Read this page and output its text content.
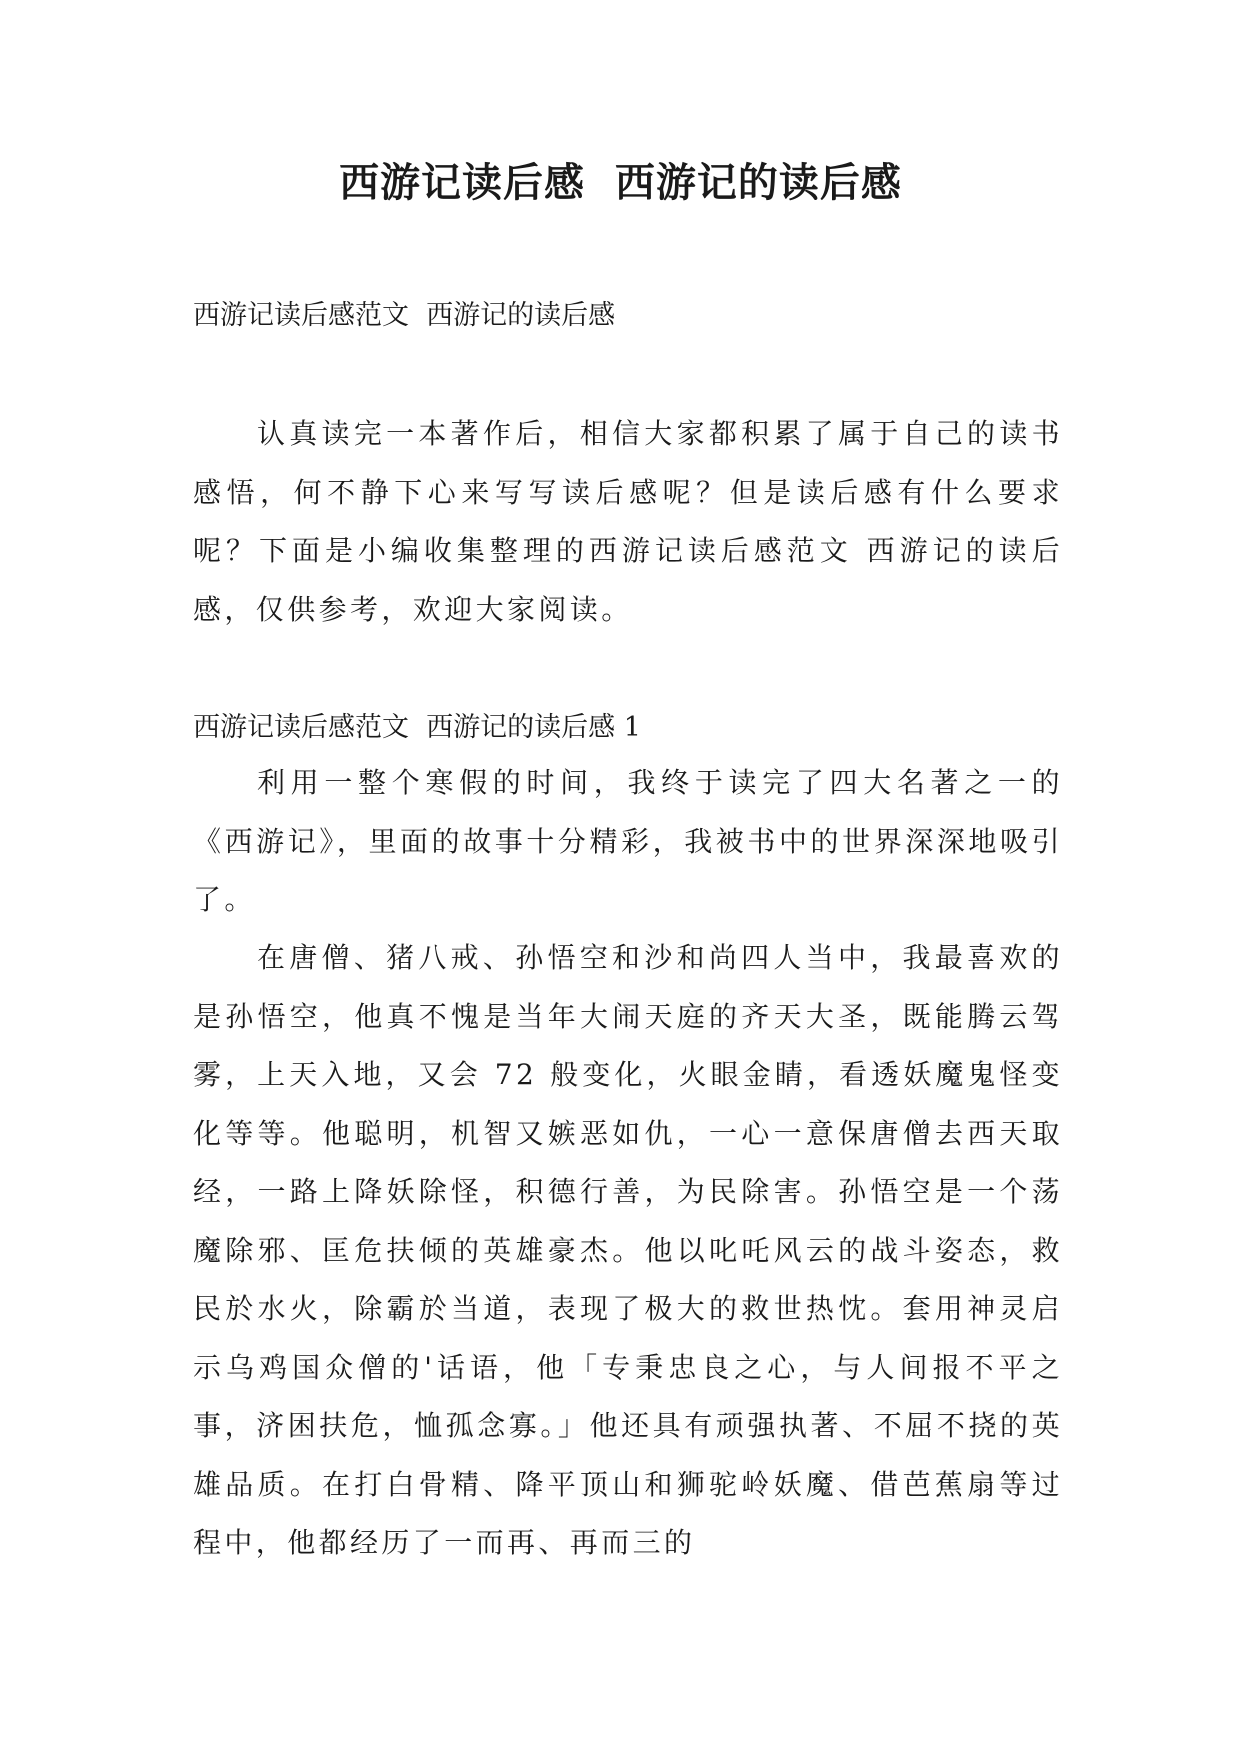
西游记读后感  西游记的读后感
西游记读后感范文  西游记的读后感

认真读完一本著作后，相信大家都积累了属于自己的读书感悟，何不静下心来写写读后感呢？但是读后感有什么要求呢？下面是小编收集整理的西游记读后感范文 西游记的读后感，仅供参考，欢迎大家阅读。

西游记读后感范文  西游记的读后感 1

利用一整个寒假的时间，我终于读完了四大名著之一的《西游记》，里面的故事十分精彩，我被书中的世界深深地吸引了。

在唐僧、猪八戒、孙悟空和沙和尚四人当中，我最喜欢的是孙悟空，他真不愧是当年大闹天庭的齐天大圣，既能腾云驾雾，上天入地，又会 72 般变化，火眼金睛，看透妖魔鬼怪变化等等。他聪明，机智又嫉恶如仇，一心一意保唐僧去西天取经，一路上降妖除怪，积德行善，为民除害。孙悟空是一个荡魔除邪、匡危扶倾的英雄豪杰。他以叱吒风云的战斗姿态，救民於水火，除霸於当道，表现了极大的救世热忱。套用神灵启示乌鸡国众僧的'话语，他「专秉忠良之心，与人间报不平之事，济困扶危，恤孤念寡。」他还具有顽强执著、不屈不挠的英雄品质。在打白骨精、降平顶山和狮驼岭妖魔、借芭蕉扇等过程中，他都经历了一而再、再而三的
